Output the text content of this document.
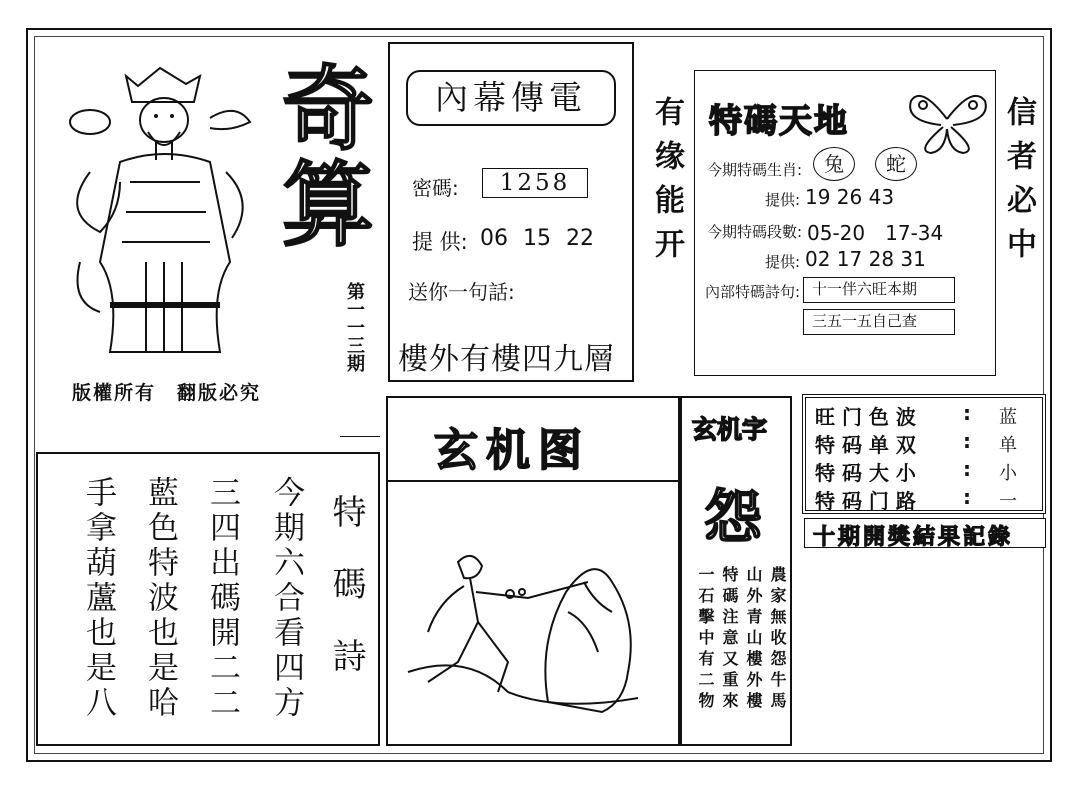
奇算
第一一三期
版權所有　翻版必究
內幕傳電
密碼:	1258
提 供: 06 15 22
送你一句話:
樓外有樓四九層
有缘能开 特碼天地
今期特碼生肖:	兔	蛇
提供: 19 26 43
今期特碼段數: 05-20　17-34
提供: 02 17 28 31
內部特碼詩句: 十一伴六旺本期
三五一五自己查
信者必中
玄机图	玄机字
怨
農家無收怨牛馬
山外青山樓外樓
特碼注意又重來
一石擊中有二物
旺 门 色 波 : 蓝
特 码 单 双 : 单
特 码 大 小 : 小
特 码 门 路 : 一
十期開獎結果記錄
特碼詩
今期六合看四方
三四出碼開二二
藍色特波也是哈
手拿葫蘆也是八
